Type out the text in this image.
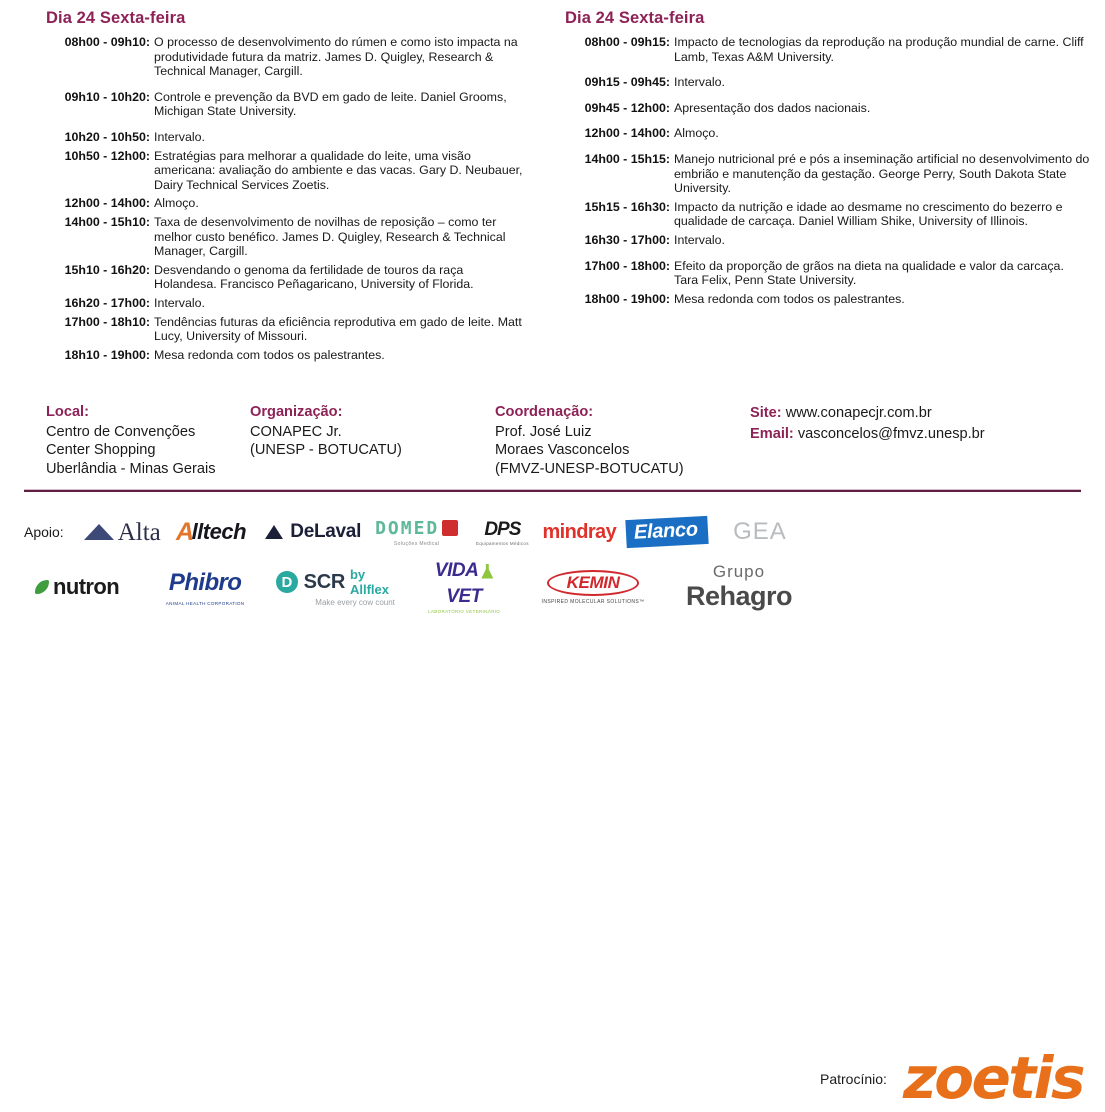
Dia 24 Sexta-feira
08h00 - 09h10: O processo de desenvolvimento do rúmen e como isto impacta na produtividade futura da matriz. James D. Quigley, Research & Technical Manager, Cargill.
09h10 - 10h20: Controle e prevenção da BVD em gado de leite. Daniel Grooms, Michigan State University.
10h20 - 10h50: Intervalo.
10h50 - 12h00: Estratégias para melhorar a qualidade do leite, uma visão americana: avaliação do ambiente e das vacas. Gary D. Neubauer, Dairy Technical Services Zoetis.
12h00 - 14h00: Almoço.
14h00 - 15h10: Taxa de desenvolvimento de novilhas de reposição – como ter melhor custo benéfico. James D. Quigley, Research & Technical Manager, Cargill.
15h10 - 16h20: Desvendando o genoma da fertilidade de touros da raça Holandesa. Francisco Peñagaricano, University of Florida.
16h20 - 17h00: Intervalo.
17h00 - 18h10: Tendências futuras da eficiência reprodutiva em gado de leite. Matt Lucy, University of Missouri.
18h10 - 19h00: Mesa redonda com todos os palestrantes.
Dia 24 Sexta-feira
08h00 - 09h15: Impacto de tecnologias da reprodução na produção mundial de carne. Cliff Lamb, Texas A&M University.
09h15 - 09h45: Intervalo.
09h45 - 12h00: Apresentação dos dados nacionais.
12h00 - 14h00: Almoço.
14h00 - 15h15: Manejo nutricional pré e pós a inseminação artificial no desenvolvimento do embrião e manutenção da gestação. George Perry, South Dakota State University.
15h15 - 16h30: Impacto da nutrição e idade ao desmame no crescimento do bezerro e qualidade de carcaça. Daniel William Shike, University of Illinois.
16h30 - 17h00: Intervalo.
17h00 - 18h00: Efeito da proporção de grãos na dieta na qualidade e valor da carcaça. Tara Felix, Penn State University.
18h00 - 19h00: Mesa redonda com todos os palestrantes.
Local:
Centro de Convenções
Center Shopping
Uberlândia - Minas Gerais
Organização:
CONAPEC Jr.
(UNESP - BOTUCATU)
Coordenação:
Prof. José Luiz
Moraes Vasconcelos
(FMVZ-UNESP-BOTUCATU)
Site: www.conapecjr.com.br
Email: vasconcelos@fmvz.unesp.br
Apoio: Alta A
lltech DeLaval DOMED
Soluções Medical
DPS
Equipamentos Médicos
mindray Elanco	GEA
nutron Phibro
ANIMAL HEALTH CORPORATION
D SCR by Allflex
Make every cow count
VIDA
VET
LABORATÓRIO VETERINÁRIO
KEMIN
INSPIRED MOLECULAR SOLUTIONS™
Grupo
Rehagro
Patrocínio: zoetis
